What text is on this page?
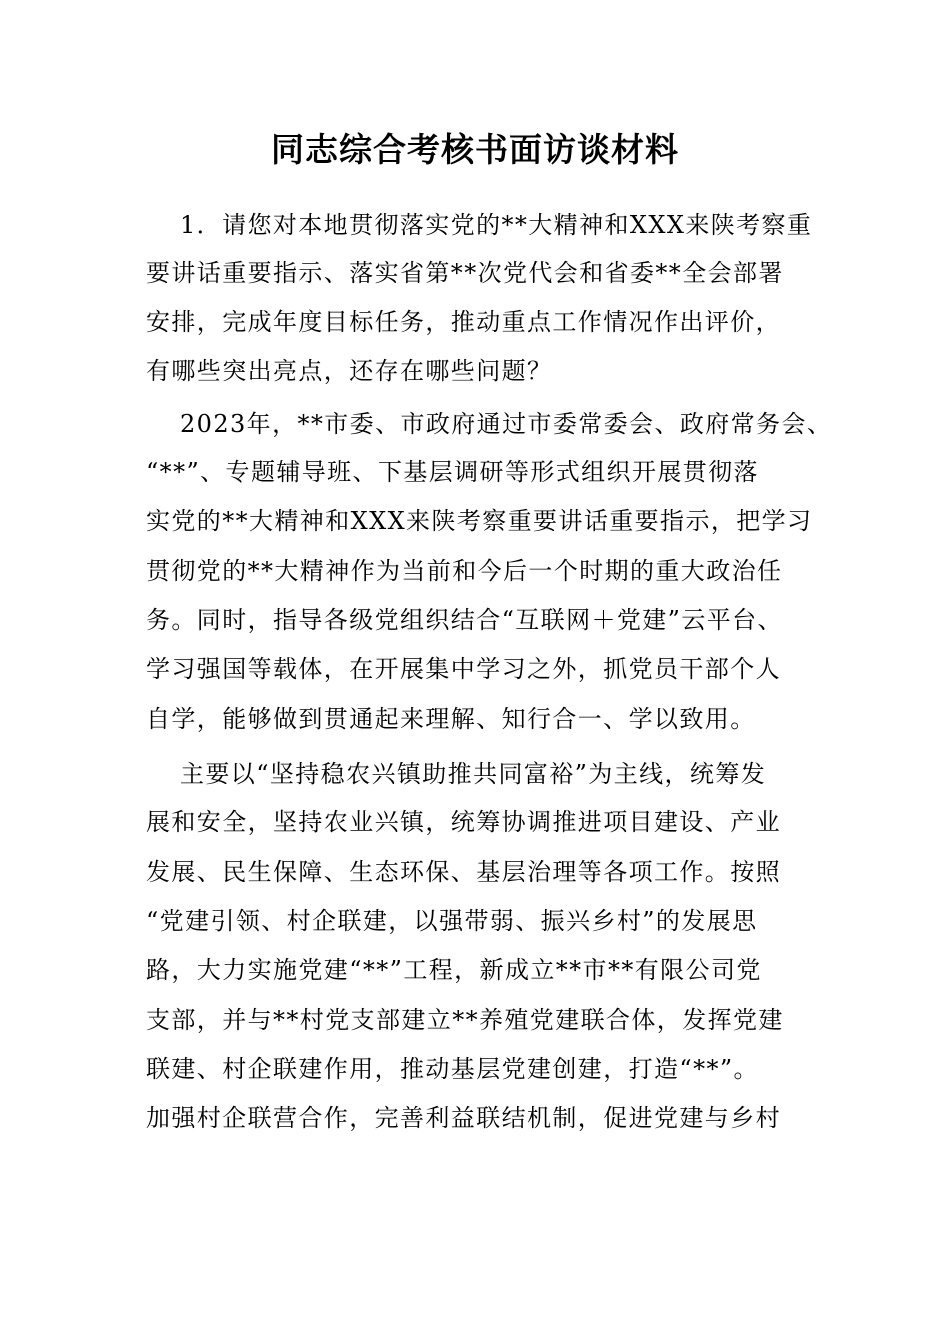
同志综合考核书面访谈材料
1．请您对本地贯彻落实党的**大精神和XXX来陕考察重
要讲话重要指示、落实省第**次党代会和省委**全会部署
安排，完成年度目标任务，推动重点工作情况作出评价，
有哪些突出亮点，还存在哪些问题？
2023年，**市委、市政府通过市委常委会、政府常务会、
“**”、专题辅导班、下基层调研等形式组织开展贯彻落
实党的**大精神和XXX来陕考察重要讲话重要指示，把学习
贯彻党的**大精神作为当前和今后一个时期的重大政治任
务。同时，指导各级党组织结合“互联网＋党建”云平台、
学习强国等载体，在开展集中学习之外，抓党员干部个人
自学，能够做到贯通起来理解、知行合一、学以致用。
主要以“坚持稳农兴镇助推共同富裕”为主线，统筹发
展和安全，坚持农业兴镇，统筹协调推进项目建设、产业
发展、民生保障、生态环保、基层治理等各项工作。按照
“党建引领、村企联建，以强带弱、振兴乡村”的发展思
路，大力实施党建“**”工程，新成立**市**有限公司党
支部，并与**村党支部建立**养殖党建联合体，发挥党建
联建、村企联建作用，推动基层党建创建，打造“**”。
加强村企联营合作，完善利益联结机制，促进党建与乡村
